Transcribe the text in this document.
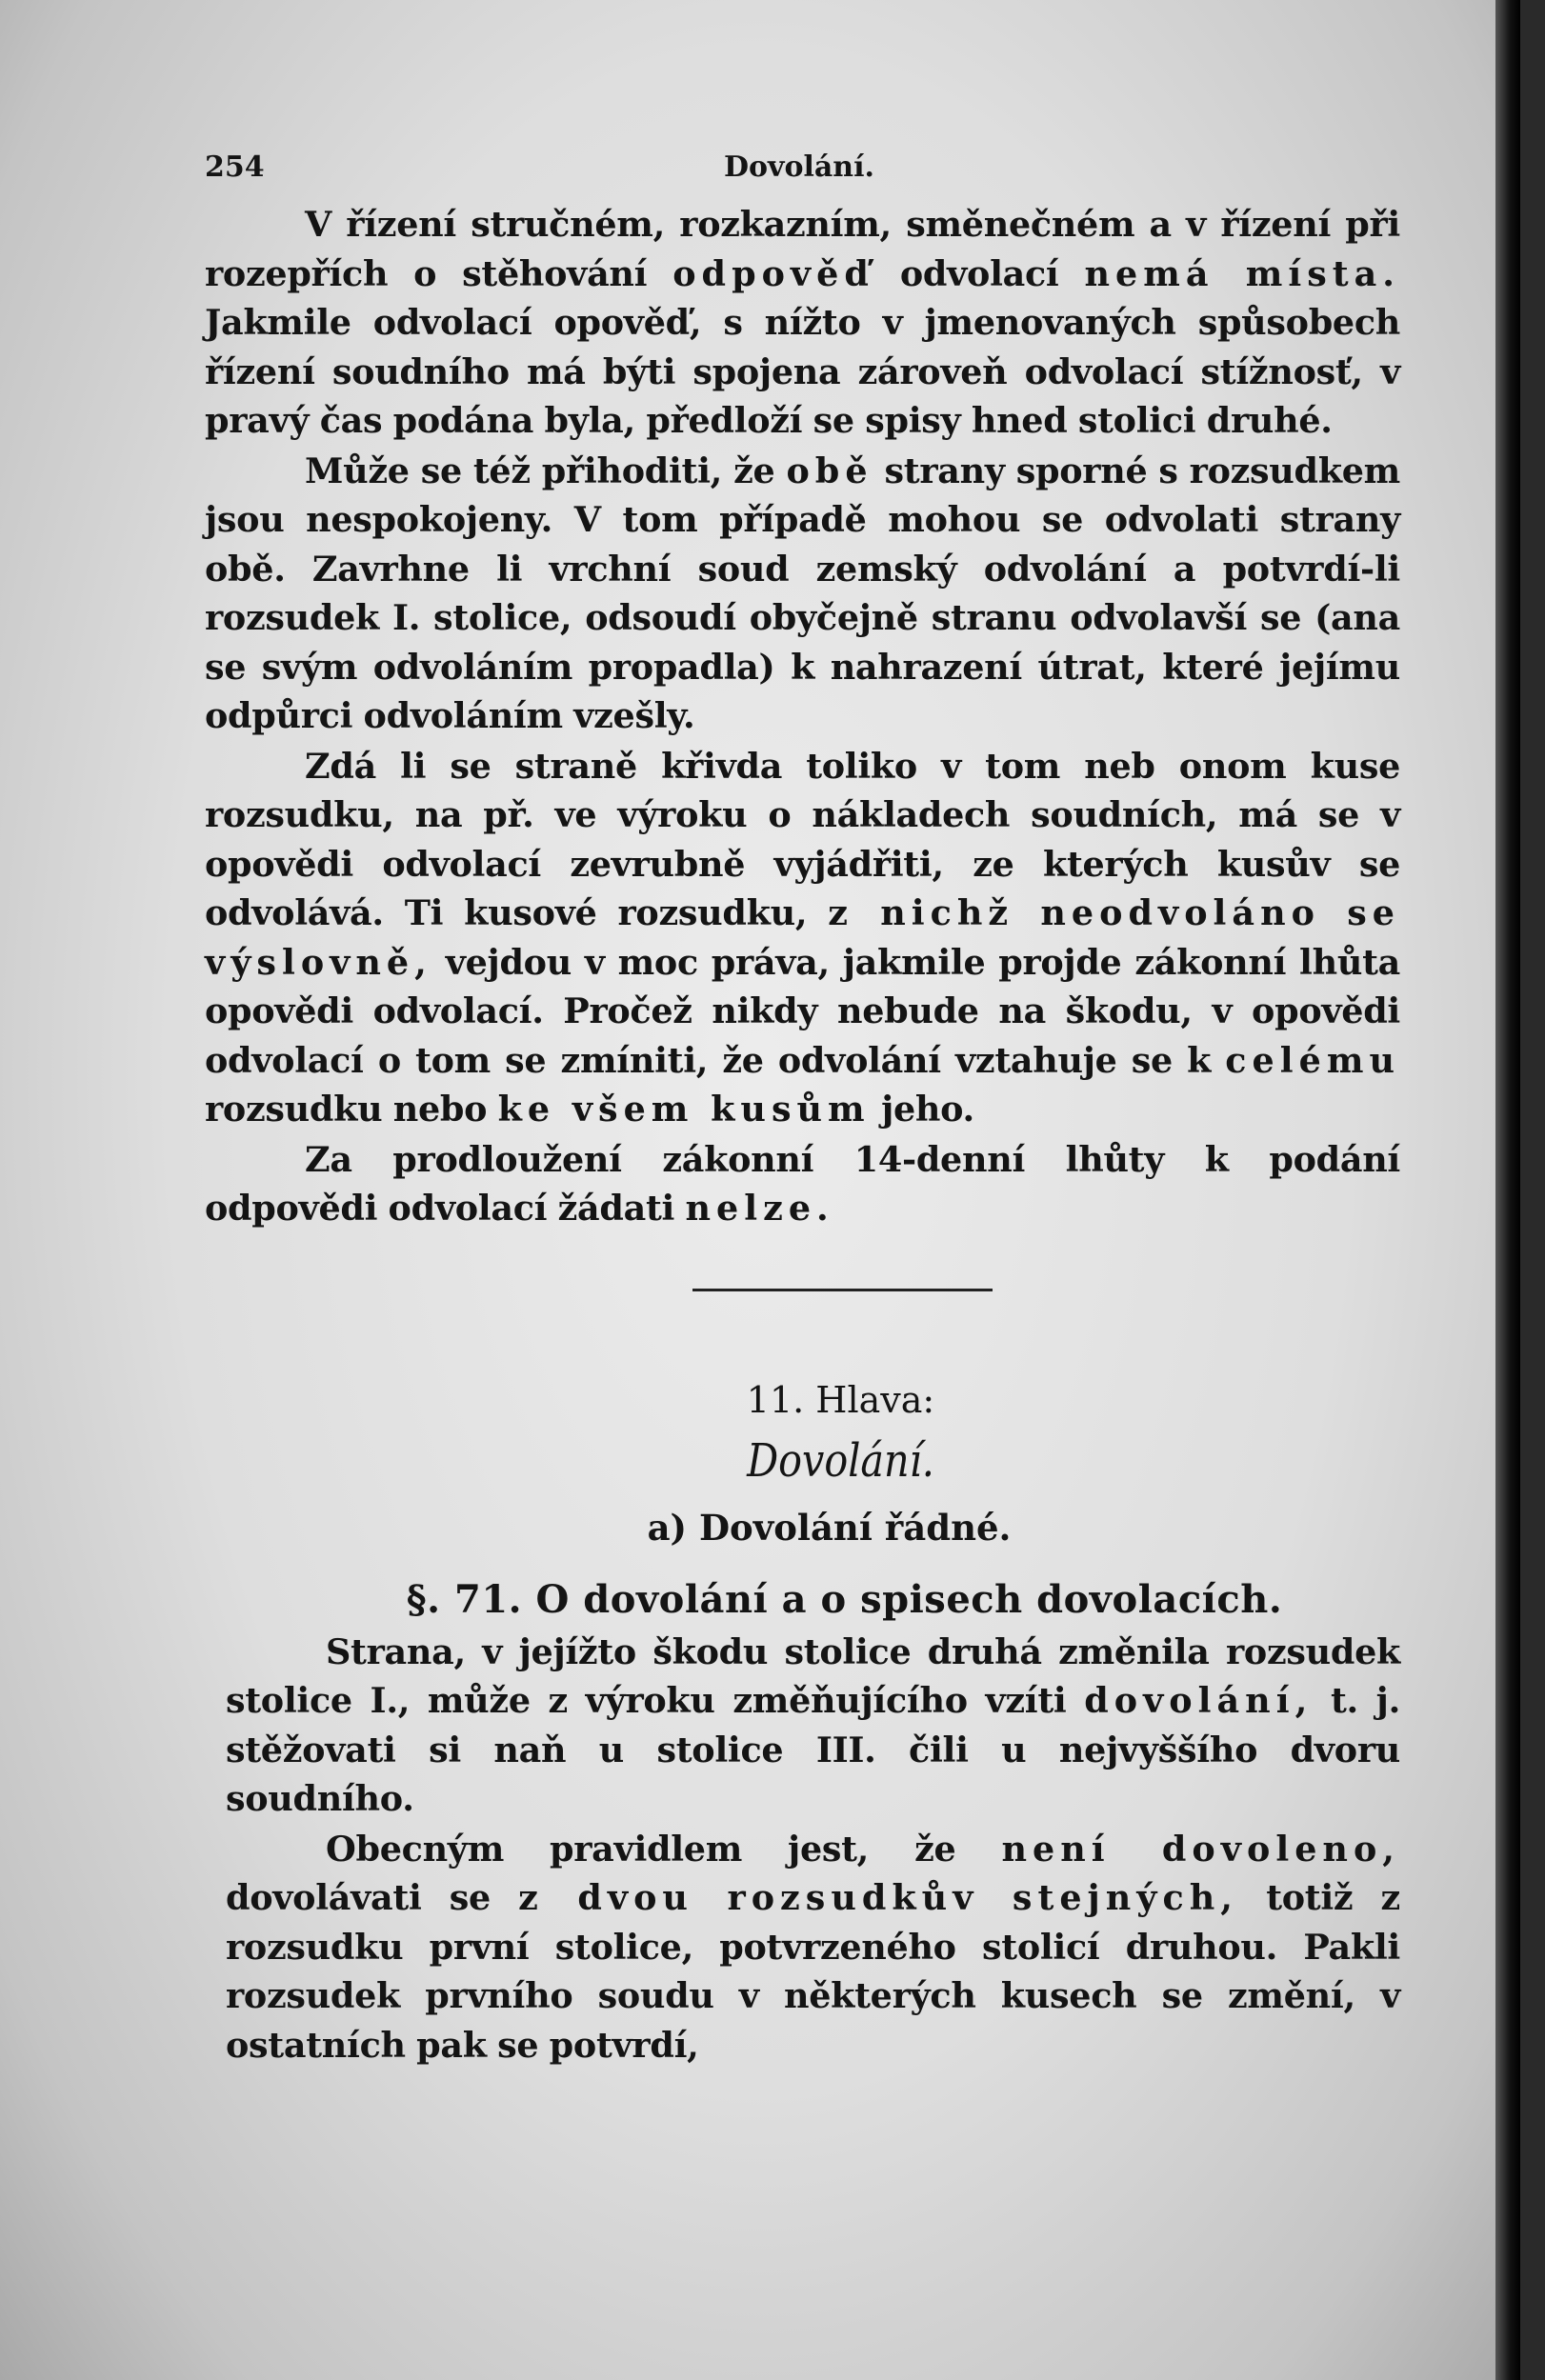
254	Dovolání.

V řízení stručném, rozkazním, směnečném a v řízení při rozepřích o stěhování odpověď odvolací nemá místa. Jakmile odvolací opověď, s nížto v jmenovaných spůsobech řízení soudního má býti spojena zároveň odvolací stížnosť, v pravý čas podána byla, předloží se spisy hned stolici druhé.

Může se též přihoditi, že obě strany sporné s rozsudkem jsou nespokojeny. V tom případě mohou se odvolati strany obě. Zavrhne li vrchní soud zemský odvolání a potvrdí-li rozsudek I. stolice, odsoudí obyčejně stranu odvolavší se (ana se svým odvoláním propadla) k nahrazení útrat, které jejímu odpůrci odvoláním vzešly.

Zdá li se straně křivda toliko v tom neb onom kuse rozsudku, na př. ve výroku o nákladech soudních, má se v opovědi odvolací zevrubně vyjádřiti, ze kterých kusův se odvolává. Ti kusové rozsudku, z nichž neodvoláno se výslovně, vejdou v moc práva, jakmile projde zákonní lhůta opovědi odvolací. Pročež nikdy nebude na škodu, v opovědi odvolací o tom se zmíniti, že odvolání vztahuje se k celému rozsudku nebo ke všem kusům jeho.

Za prodloužení zákonní 14-denní lhůty k podání odpovědi odvolací žádati nelze.

11. Hlava:
Dovolání.
a) Dovolání řádné.
§. 71. O dovolání a o spisech dovolacích.

Strana, v jejížto škodu stolice druhá změnila rozsudek stolice I., může z výroku změňujícího vzíti dovolání, t. j. stěžovati si naň u stolice III. čili u nejvyššího dvoru soudního.

Obecným pravidlem jest, že není dovoleno, dovolávati se z dvou rozsudkův stejných, totiž z rozsudku první stolice, potvrzeného stolicí druhou. Pakli rozsudek prvního soudu v některých kusech se změní, v ostatních pak se potvrdí,
